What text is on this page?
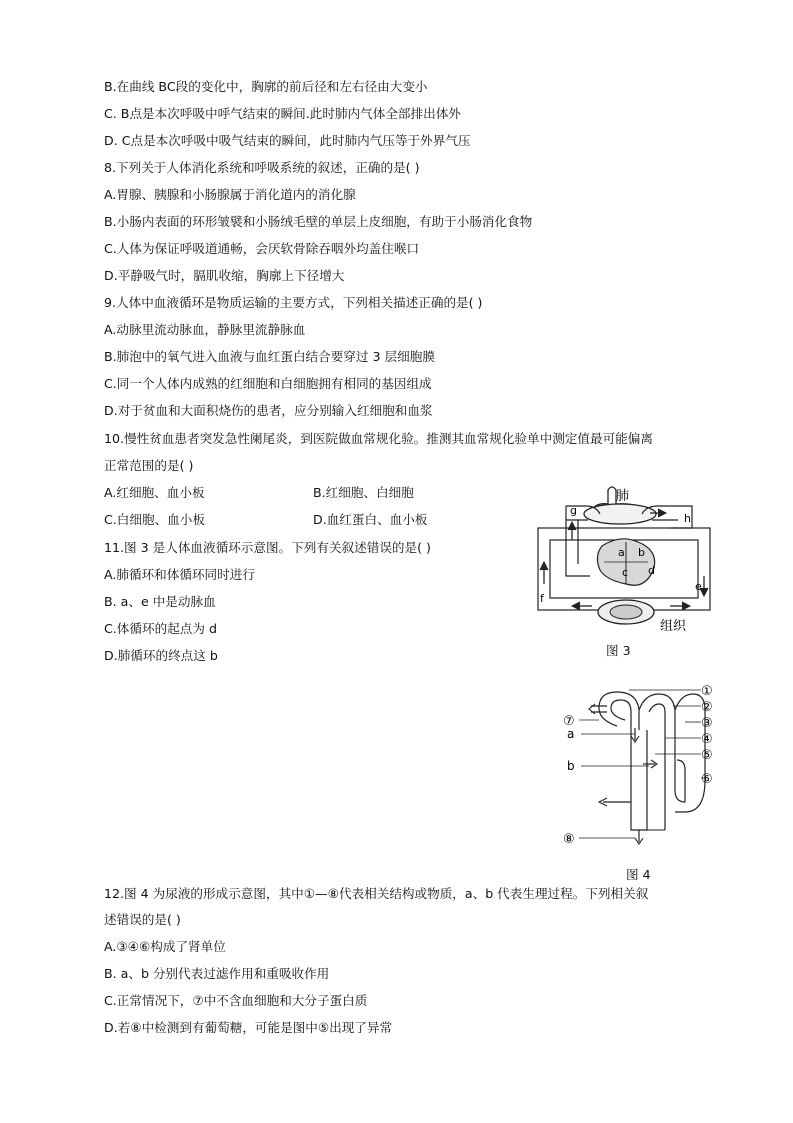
B.在曲线 BC段的变化中，胸廓的前后径和左右径由大变小
C. B点是本次呼吸中呼气结束的瞬间.此时肺内气体全部排出体外
D. C点是本次呼吸中吸气结束的瞬间，此时肺内气压等于外界气压
8.下列关于人体消化系统和呼吸系统的叙述，正确的是( )
A.胃腺、胰腺和小肠腺属于消化道内的消化腺
B.小肠内表面的环形皱襞和小肠绒毛壁的单层上皮细胞，有助于小肠消化食物
C.人体为保证呼吸道通畅，会厌软骨除吞咽外均盖住喉口
D.平静吸气时，膈肌收缩，胸廓上下径增大
9.人体中血液循环是物质运输的主要方式，下列相关描述正确的是( )
A.动脉里流动脉血，静脉里流静脉血
B.肺泡中的氧气进入血液与血红蛋白结合要穿过 3 层细胞膜
C.同一个人体内成熟的红细胞和白细胞拥有相同的基因组成
D.对于贫血和大面积烧伤的患者，应分别输入红细胞和血浆
10.慢性贫血患者突发急性阑尾炎，到医院做血常规化验。推测其血常规化验单中测定值最可能偏离
正常范围的是( )
A.红细胞、血小板	B.红细胞、白细胞
C.白细胞、血小板	D.血红蛋白、血小板
11.图 3 是人体血液循环示意图。下列有关叙述错误的是( )
A.肺循环和体循环同时进行
B. a、e 中是动脉血
C.体循环的起点为 d
D.肺循环的终点这 b
肺
g
h
a b
c d
e
f
组织
图 3
①
②
③
④
⑤
⑥
⑦
⑧
a
b
图 4
12.图 4 为尿液的形成示意图，其中①—⑧代表相关结构或物质，a、b 代表生理过程。下列相关叙
述错误的是( )
A.③④⑥构成了肾单位
B. a、b 分别代表过滤作用和重吸收作用
C.正常情况下，⑦中不含血细胞和大分子蛋白质
D.若⑧中检测到有葡萄糖，可能是图中⑤出现了异常
